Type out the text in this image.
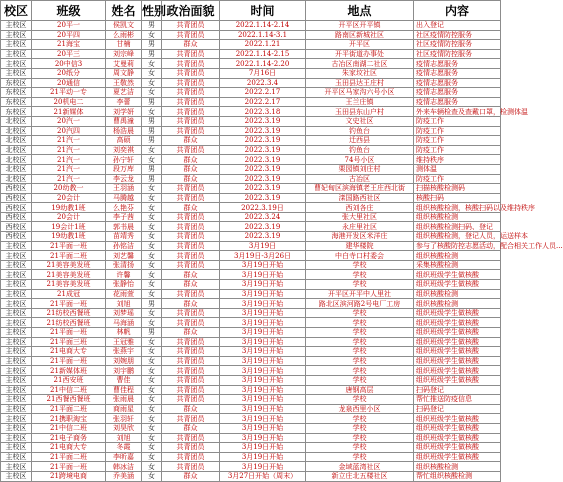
校区	班级	姓名	性别	政治面貌	时间	地点	内容
主校区	20平一	侯凯文	男	共青团员	2022.1.14-2.14	开平区开平镇	出入登记
主校区	20平四	么雨彬	女	共青团员	2022.1.14-3.1	路南区新城社区	社区疫情防控服务
主校区	21海宝	甘楠	男	群众	2022.1.21	开平区	社区疫情防控服务
主校区	20平三	刘宗峰	男	共青团员	2022.1.14-2.15	开平街道办事处	社区疫情防控服务
主校区	20中信3	艾曼莉	女	共青团员	2022.1.14-2.20	古冶区南湖二社区	疫情志愿服务
主校区	20纸分	周文静	女	共青团员	7月16日	朱家坟社区	疫情志愿服务
东校区	20通信	王敬然	女	共青团员	2022.3.4	玉田县达王庄村	疫情志愿服务
东校区	21平动一专	夏艺洁	女	共青团员	2022.2.17	开平区马家沟六号小区	疫情志愿服务
东校区	20机电二	李蕾	男	共青团员	2022.2.17	王兰庄镇	疫情志愿服务
东校区	21新媒体	刘学妍	女	共青团员	2022.3.18	玉田县东山户村	外来车辆检查及查戴口罩，检测体温
北校区	20汽一	曹禹潼	男	共青团员	2022.3.19	文史社区	防疫工作
北校区	20汽四	杨浩晨	男	共青团员	2022.3.19	钓鱼台	防疫工作
北校区	21汽一	高硕	男	群众	2022.3.19	迁西县	防疫工作
北校区	21汽一	刘奕祺	女	共青团员	2022.3.19	钓鱼台	防疫工作
北校区	21汽一	孙宁轩	女	群众	2022.3.19	74号小区	维持秩序
北校区	21汽一	段万库	男	群众	2022.3.19	栗园镇刘庄村	测体温
北校区	21汽一	李云龙	男	群众	2022.3.19	古冶区	防疫工作
西校区	20幼教一	王羽涵	女	共青团员	2022.3.19	曹妃甸区滨海镇老王庄西北街	扫描核酸检测码
西校区	20会计	马腾越	女	共青团员	2022.3.19	滦国路西社区	核酸扫码
西校区	19幼教1班	么艳芬	女	群众	2022.3.19日	西刘各庄	组织核酸检测，核酸扫码以及维持秩序
西校区	20会计	李子茜	女	共青团员	2022.3.24	张大里社区	组织核酸检测
西校区	19会计1班	郭书晨	女	共青团员	2022.3.19	永庄里社区	组织核酸检测扫码、登记
西校区	19幼教1班	苗靖秀	女	共青团员	2022.3.19	海港开发区米洋庄	组织核酸检测，登记人员，运送样本
主校区	21平面一班	孙铭洁	女	共青团员	3月19日	建华楼院	参与了核酸防控志愿活动，配合相关工作人员...
主校区	21平面二班	刘艺馨	女	共青团员	3月19日-3月26日	中白寺口村委会	组织核酸检测
主校区	21美容美发班	张清扬	女	共青团员	3月19日开始	学校	采集核酸检测
主校区	21美容美发班	许馨	女	群众	3月19日开始	学校	组织班级学生做核酸
主校区	21美容美发班	张静怡	女	群众	3月19日开始	学校	组织班级学生做核酸
主校区	21成冠	花雨萱	女	共青团员	3月19日开始	开平区开平中人里社	组织核酸检测
主校区	21平面一班	刘旭	男	群众	3月19日开始	路北区滨河路2号电厂工房	组织核酸检测
主校区	21纺校西餐班	刘梦瑶	女	共青团员	3月19日开始	学校	组织班级学生做核酸
主校区	21纺校西餐班	马海涵	女	共青团员	3月19日开始	学校	组织班级学生做核酸
主校区	21平面一班	林帆	男	群众	3月19日开始	学校	组织班级学生做核酸
主校区	21平面三班	王冠雅	女	共青团员	3月19日开始	学校	组织班级学生做核酸
主校区	21电商大专	张燕宇	女	共青团员	3月19日开始	学校	组织班级学生做核酸
主校区	21平面一班	刘婉朋	女	共青团员	3月19日开始	学校	组织班级学生做核酸
主校区	21新媒体班	刘宇鹏	女	共青团员	3月19日开始	学校	组织班级学生做核酸
主校区	21西安班	曹佳	女	共青团员	3月19日开始	学校	组织班级学生做核酸
主校区	21中信二班	曹佳程	女	共青团员	3月19日开始	唐钢高层	扫码登记
主校区	21西餐西餐班	张雨晨	女	共青团员	3月19日开始	学校	帮忙推送防疫信息
主校区	21平面二班	商雨星	女	群众	3月19日开始	龙泉西里小区	扫码登记
主校区	21携职淘宝	张羽轩	女	共青团员	3月19日开始	学校	组织班级学生做核酸
主校区	21中信二班	刘昊欣	女	群众	3月19日开始	学校	组织班级学生做核酸
主校区	21电子商务	刘旭	女	共青团员	3月19日开始	学校	组织班级学生做核酸
主校区	21电商大专	冬霞	女	共青团员	3月19日开始	学校	组织班级学生做核酸
主校区	21平面二班	李昕嘉	女	共青团员	3月19日开始	学校	组织班级学生做核酸
主校区	21平面一班	韩冰洁	女	共青团员	3月19日开始	金域蓝湾社区	组织核酸检测
主校区	21跨境电商	乔美涵	女	群众	3月27日开始（周末）	新立庄北五楼社区	帮忙组织核酸检测
